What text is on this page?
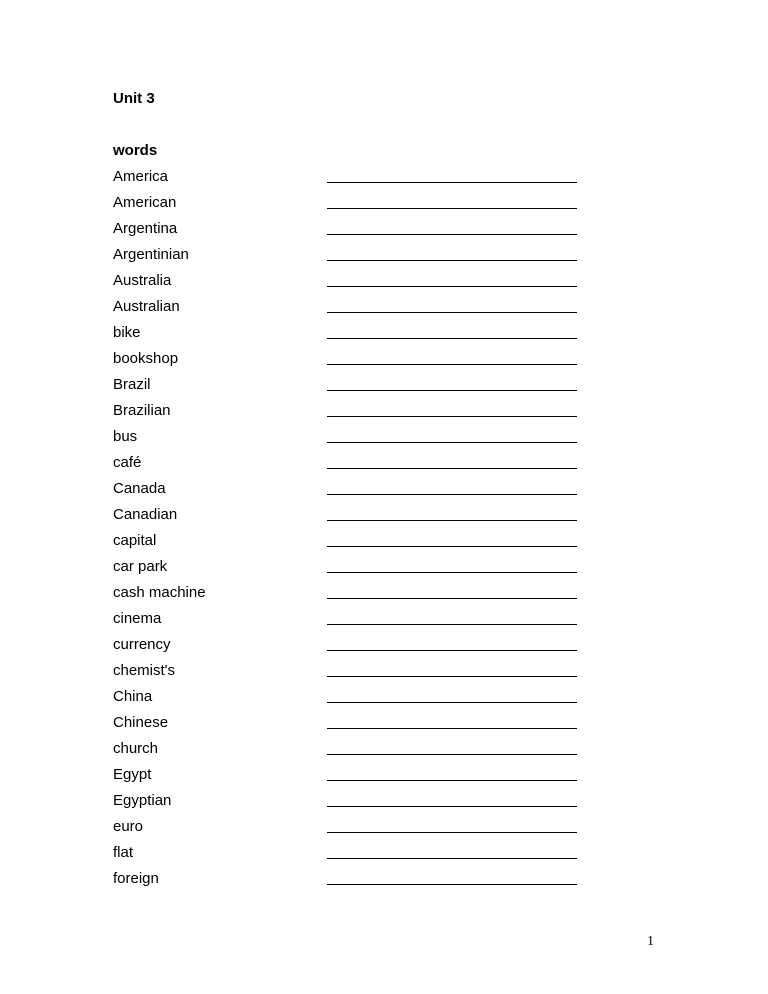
Unit 3
words
America
American
Argentina
Argentinian
Australia
Australian
bike
bookshop
Brazil
Brazilian
bus
café
Canada
Canadian
capital
car park
cash machine
cinema
currency
chemist's
China
Chinese
church
Egypt
Egyptian
euro
flat
foreign
1
